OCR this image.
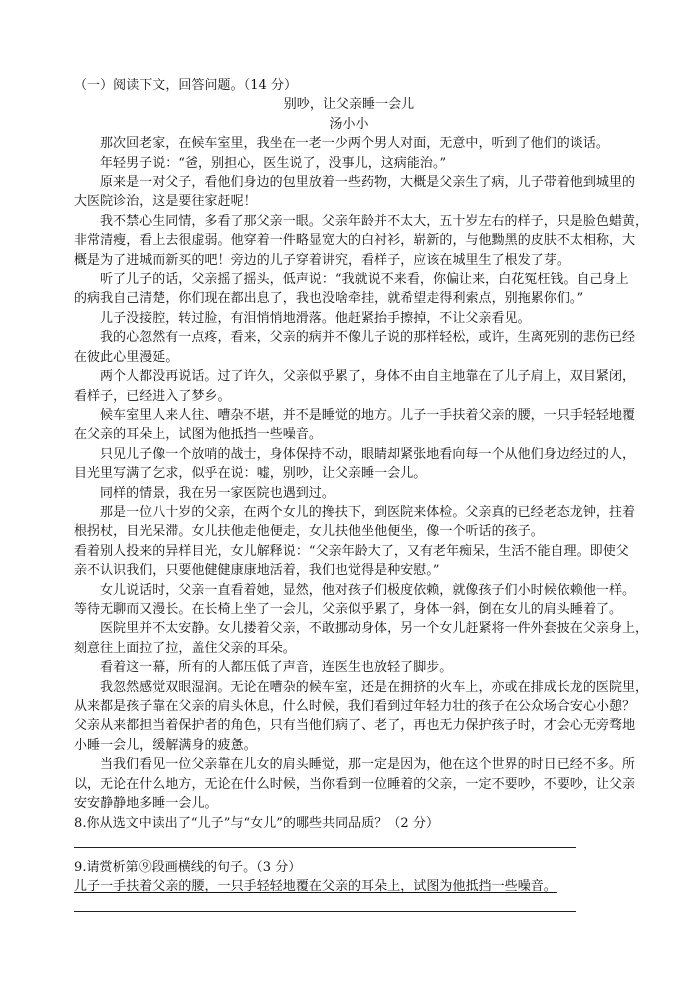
（一）阅读下文，回答问题。（14 分）
别吵，让父亲睡一会儿
汤小小
那次回老家，在候车室里，我坐在一老一少两个男人对面，无意中，听到了他们的谈话。
年轻男子说：“爸，别担心，医生说了，没事儿，这病能治。”
原来是一对父子，看他们身边的包里放着一些药物，大概是父亲生了病，儿子带着他到城里的
大医院诊治，这是要往家赶呢！
我不禁心生同情，多看了那父亲一眼。父亲年龄并不太大，五十岁左右的样子，只是脸色蜡黄，
非常清瘦，看上去很虚弱。他穿着一件略显宽大的白衬衫，崭新的，与他黝黑的皮肤不太相称，大
概是为了进城而新买的吧！旁边的儿子穿着讲究，看样子，应该在城里生了根发了芽。
听了儿子的话，父亲摇了摇头，低声说：“我就说不来看，你偏让来，白花冤枉钱。自己身上
的病我自己清楚，你们现在都出息了，我也没啥牵挂，就希望走得利索点，别拖累你们。”
儿子没接腔，转过脸，有泪悄悄地滑落。他赶紧抬手擦掉，不让父亲看见。
我的心忽然有一点疼，看来，父亲的病并不像儿子说的那样轻松，或许，生离死别的悲伤已经
在彼此心里漫延。
两个人都没再说话。过了许久，父亲似乎累了，身体不由自主地靠在了儿子肩上，双目紧闭，
看样子，已经进入了梦乡。
候车室里人来人往、嘈杂不堪，并不是睡觉的地方。儿子一手扶着父亲的腰，一只手轻轻地覆
在父亲的耳朵上，试图为他抵挡一些噪音。
只见儿子像一个放哨的战士，身体保持不动，眼睛却紧张地看向每一个从他们身边经过的人，
目光里写满了乞求，似乎在说：嘘，别吵，让父亲睡一会儿。
同样的情景，我在另一家医院也遇到过。
那是一位八十岁的父亲，在两个女儿的搀扶下，到医院来体检。父亲真的已经老态龙钟，拄着
根拐杖，目光呆滞。女儿扶他走他便走，女儿扶他坐他便坐，像一个听话的孩子。
看着别人投来的异样目光，女儿解释说：“父亲年龄大了，又有老年痴呆，生活不能自理。即使父
亲不认识我们，只要他健健康康地活着，我们也觉得是种安慰。”
女儿说话时，父亲一直看着她，显然，他对孩子们极度依赖，就像孩子们小时候依赖他一样。
等待无聊而又漫长。在长椅上坐了一会儿，父亲似乎累了，身体一斜，倒在女儿的肩头睡着了。
医院里并不太安静。女儿搂着父亲，不敢挪动身体，另一个女儿赶紧将一件外套披在父亲身上，
刻意往上面拉了拉，盖住父亲的耳朵。
看着这一幕，所有的人都压低了声音，连医生也放轻了脚步。
我忽然感觉双眼湿润。无论在嘈杂的候车室，还是在拥挤的火车上，亦或在排成长龙的医院里，
从来都是孩子靠在父亲的肩头休息，什么时候，我们看到过年轻力壮的孩子在公众场合安心小憩？
父亲从来都担当着保护者的角色，只有当他们病了、老了，再也无力保护孩子时，才会心无旁骛地
小睡一会儿，缓解满身的疲惫。
当我们看见一位父亲靠在儿女的肩头睡觉，那一定是因为，他在这个世界的时日已经不多。所
以，无论在什么地方，无论在什么时候，当你看到一位睡着的父亲，一定不要吵，不要吵，让父亲
安安静静地多睡一会儿。
8.你从选文中读出了“儿子”与“女儿”的哪些共同品质？（2 分）
9.请赏析第⑨段画横线的句子。（3 分）
儿子一手扶着父亲的腰，一只手轻轻地覆在父亲的耳朵上，试图为他抵挡一些噪音。
